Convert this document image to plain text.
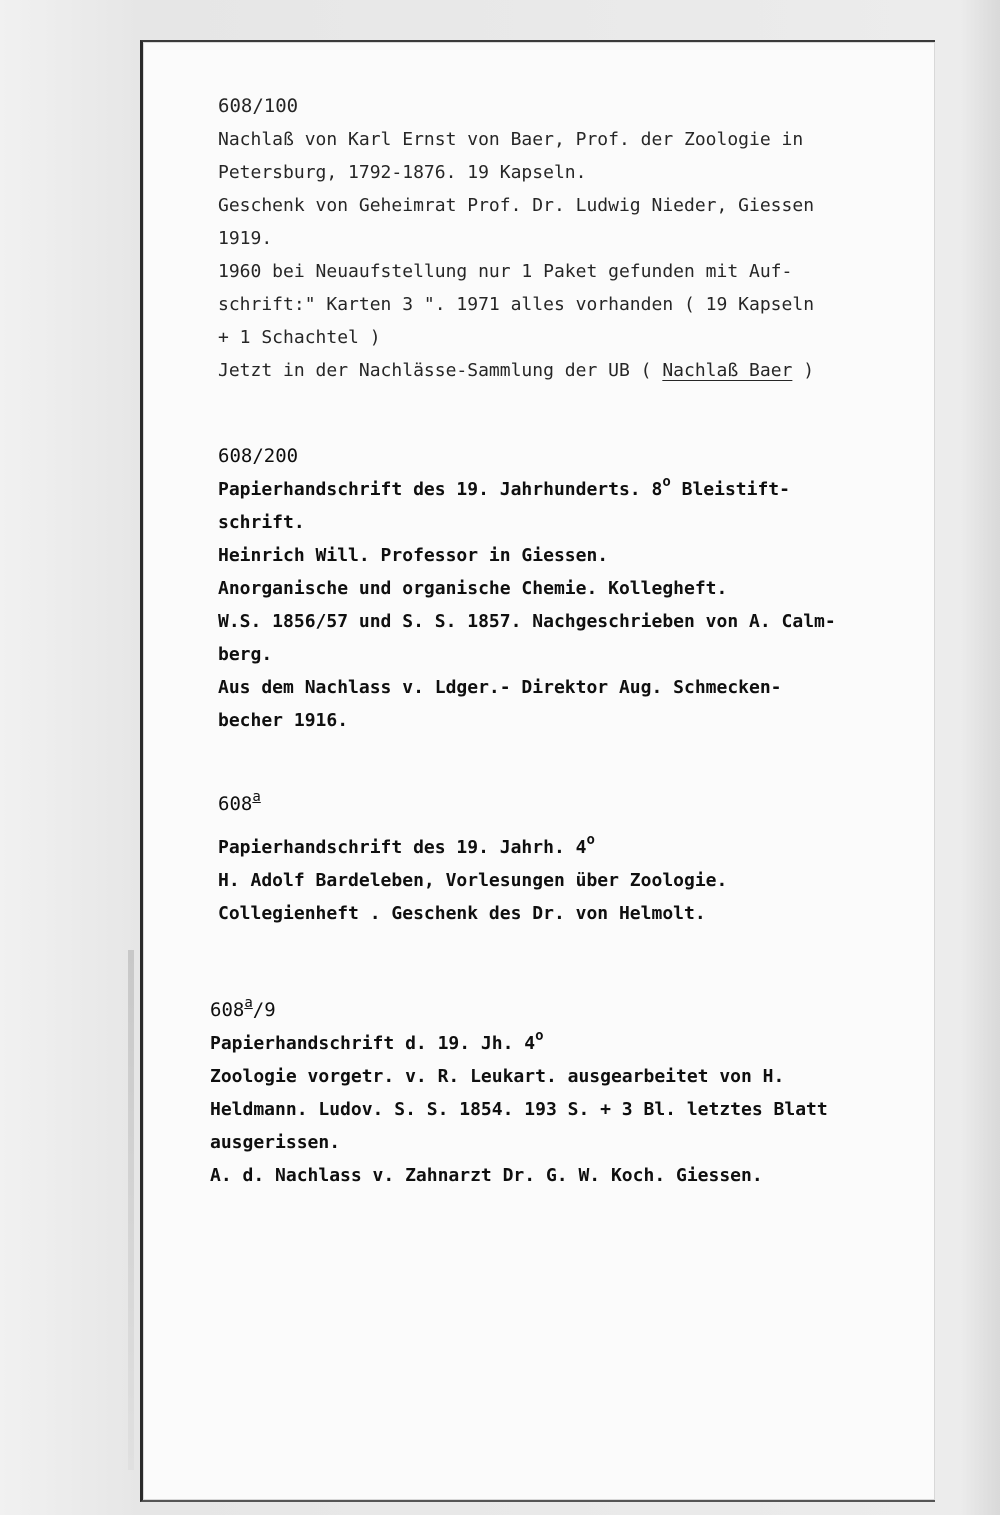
608/100
Nachlaß von Karl Ernst von Baer, Prof. der Zoologie in
Petersburg, 1792-1876. 19 Kapseln.
Geschenk von Geheimrat Prof. Dr. Ludwig Nieder, Giessen
1919.
1960 bei Neuaufstellung nur 1 Paket gefunden mit Auf-
schrift:" Karten 3 ". 1971 alles vorhanden ( 19 Kapseln
+ 1 Schachtel )
Jetzt in der Nachlässe-Sammlung der UB ( Nachlaß Baer )
608/200
Papierhandschrift des 19. Jahrhunderts. 8$^o$ Bleistift-
schrift.
Heinrich Will. Professor in Giessen.
Anorganische und organische Chemie. Kollegheft.
W.S. 1856/57 und S. S. 1857. Nachgeschrieben von A. Calm-
berg.
Aus dem Nachlass v. Ldger.- Direktor Aug. Schmecken-
becher 1916.
608$^a$
Papierhandschrift des 19. Jahrh. 4$^o$
H. Adolf Bardeleben, Vorlesungen über Zoologie.
Collegienheft . Geschenk des Dr. von Helmolt.
608$^a$/9
Papierhandschrift d. 19. Jh. 4$^o$
Zoologie vorgetr. v. R. Leukart. ausgearbeitet von H.
Heldmann. Ludov. S. S. 1854. 193 S. + 3 Bl. letztes Blatt
ausgerissen.
A. d. Nachlass v. Zahnarzt Dr. G. W. Koch. Giessen.
